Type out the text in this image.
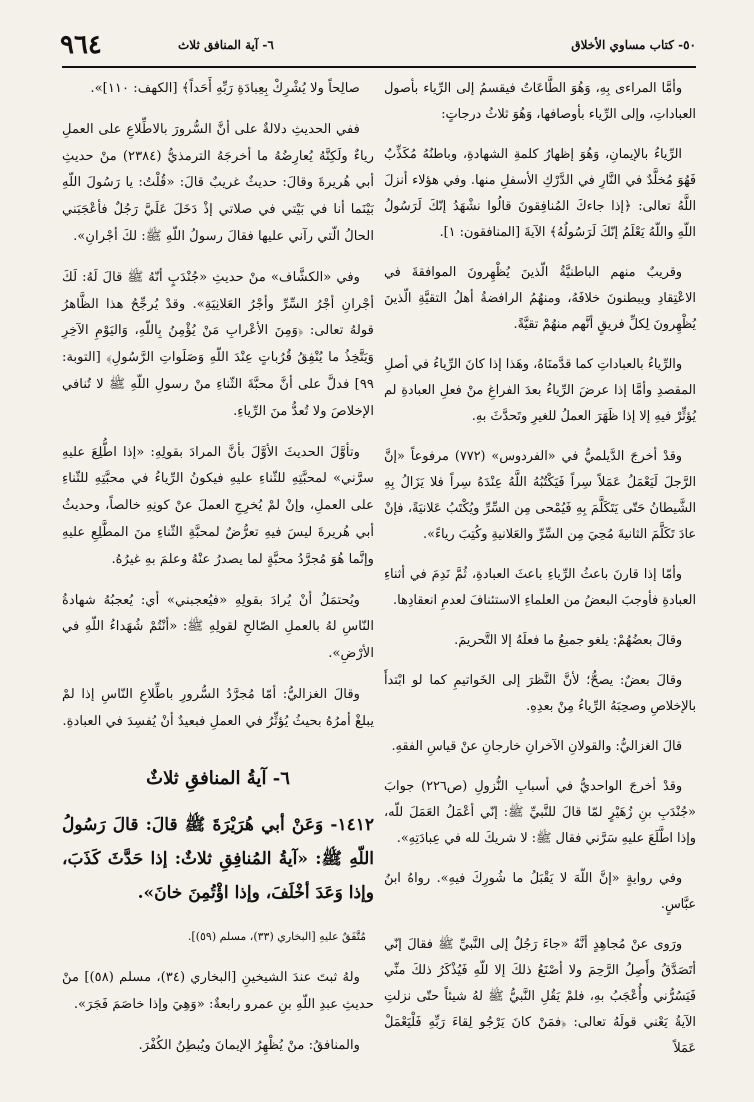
٥٠- كتاب مساوي الأخلاق
٦- آية المنافق ثلاث
٩٦٤

وأمَّا المراءى بِهِ، وَهُوَ الطَّاعَاتُ فيقسمُ إلى الرِّياء بأصول العباداتِ، وإلى الرِّياء بأوصافها، وَهُوَ ثلاثُ درجاتٍ:

الرِّياءُ بالإيمانِ، وَهُوَ إظهارُ كلمةِ الشهادةِ، وباطنُهُ مُكَذِّبٌ فَهُوَ مُخلَّدٌ في النَّارِ في الدَّرْكِ الأسفلِ منها. وفي هؤلاء أنزلَ اللَّهُ تعالى: ﴿إذا جاءكَ المُنافِقونَ قالُوا نشْهَدُ إنّكَ لَرَسُولُ اللّهِ واللّهُ يَعْلَمُ إنّكَ لَرَسُولُهُ﴾ الآيةَ [المنافقون: ١].

وقريبٌ منهم الباطنيَّةُ الّذينَ يُظْهِرونَ الموافقةَ في الاعْتِقادِ ويبطنونَ خلافَهُ، ومنهُمُ الرافضةُ أهلُ التقيَّةِ الّذينَ يُظْهِرونَ لِكلِّ فريقٍ أنَّهم منهُمْ تقيَّةً.

والرِّياءُ بالعباداتِ كما قدَّمنَاهُ، وهَذا إذا كانَ الرِّياءُ في أصلِ المقصدِ وأمَّا إذا عرضَ الرِّياءُ بعدَ الفراغِ منْ فعلِ العبادةِ لم يُؤثِّرْ فيهِ إلا إذا ظَهَرَ العملُ للغيرِ وتَحدَّثَ بهِ.

وقدْ أخرجَ الدَّيلميُّ في «الفردوس» (٧٧٢) مرفوعاً «إنَّ الرَّجلَ لَيَعْمَلُ عَمَلاً سِراً فَيَكْتُبُهُ اللَّهُ عِنْدَهُ سِراً فلا يَزَالُ بِهِ الشَّيطانُ حَتّى يَتَكَلَّمَ بِهِ فَيُمْحى مِن السِّرِّ ويُكْتَبُ عَلانيَةً، فإنْ عادَ تَكَلَّمَ الثانيةَ مُحِيَ مِن السِّرِّ والعَلانيةِ وكُتِبَ رياءً».

وأمّا إذا قارنَ باعثُ الرِّياءِ باعثَ العبادةِ، ثُمَّ نَدِمَ في أثناءِ العبادةِ فأوجبَ البعضُ من العلماءِ الاستئنافَ لعدمِ انعقادِها.

وقالَ بعضُهُمْ: يلغو جميعُ ما فعلَهُ إلا التَّحريمَ.

وقالَ بعضٌ: يصحُّ؛ لأنَّ النَّظرَ إلى الخَواتيمِ كما لو ابْتدأَ بالإخلاصِ وصحِبَهُ الرِّياءُ مِنْ بعدِهِ.

قالَ الغزاليُّ: والقولانِ الآخرانِ خارجانِ عنْ قياسِ الفقهِ.

وقدْ أخرجَ الواحديُّ في أسبابِ النُّزولِ (ص٢٢٦) جوابَ «جُنْدَبِ بنِ زُهَيْرٍ لمّا قالَ للنَّبيِّ ﷺ: إنّي أعْمَلُ العَمَلَ للّه، وإذا اطَّلَعَ عليهِ سَرَّني فقال ﷺ: لا شريكَ لله في عِبادَتِهِ».

وفي روايةٍ «إنَّ اللّهَ لا يَقْبَلُ ما شُورِكَ فيهِ». رواهُ ابنُ عبَّاسٍ.

ورَوى عنْ مُجاهِدٍ أنَّهُ «جاءَ رَجُلٌ إلى النَّبيِّ ﷺ فقالَ إنّي أتَصَدَّقُ وأَصِلُ الرَّحِمَ ولا أصْنَعُ ذلكَ إلا للّهِ فَيُذْكَرُ ذلكَ منِّي فَيَسُرُّني وأُعْجَبُ بهِ، فلمْ يَقُلِ النَّبيُّ ﷺ لهُ شيئاً حتّى نزلتِ الآيةُ يَعْني قولَهُ تعالى: ﴿فمَنْ كانَ يَرْجُو لِقاءَ رَبِّهِ فَلْيَعْمَلْ عَمَلاً

صالِحاً ولا يُشْرِكْ بِعِبادَةِ رَبِّهِ أَحَداً﴾ [الكهف: ١١٠]».

ففي الحديثِ دلالةٌ على أنَّ السُّرورَ بالاطِّلاعِ على العملِ رياءٌ ولَكِنَّهُ يُعارِضُهُ ما أخرجَهُ الترمذيُّ (٢٣٨٤) منْ حديثِ أبي هُريرةَ وقالَ: حديثٌ غريبٌ قالَ: «قُلْتُ: يا رَسُولَ اللّهِ بَيْنَما أنا في بَيْتي في صلاتي إذْ دَخَلَ عَلَيَّ رَجُلٌ فأعْجَبَني الحالُ الّتي رآني عليها فقالَ رسولُ اللّهِ ﷺ: لكَ أجْرانِ».

وفي «الكشَّاف» منْ حديثِ «جُنْدَبٍ أنّهُ ﷺ قالَ لَهُ: لَكَ أجْرانِ أجْرُ السِّرِّ وأجْرُ العَلانِيَةِ». وقدْ يُرجِّحُ هذا الظَّاهرُ قولهُ تعالى: ﴿وَمِنَ الأعْرابِ مَنْ يُؤْمِنُ بِاللّهِ، وَاليَوْمِ الآخِرِ وَيَتَّخِذُ ما يُنْفِقُ قُرُباتٍ عِنْدَ اللّهِ وَصَلَواتِ الرَّسُولِ﴾ [التوبة: ٩٩] فدلَّ على أنَّ محبَّةَ الثّناءِ منْ رسولِ اللّهِ ﷺ لا تُنافي الإخلاصَ ولا تُعدُّ منَ الرِّياءِ.

وتأوَّلَ الحديثَ الأوَّلَ بأنَّ المرادَ بقولِهِ: «إذا اطُّلِعَ عليهِ سرَّني» لمحبَّتِهِ للثّناءِ عليهِ فيكونُ الرِّياءُ في محبَّتِهِ للثّناءِ على العملِ، وإنْ لمْ يُخرِجِ العملَ عنْ كونِهِ خالصاً، وحديثُ أبي هُريرةَ ليسَ فيهِ تعرُّضٌ لمحبَّةِ الثّناءِ منَ المطَّلِعِ عليهِ وإنَّما هُوَ مُجرَّدُ محبَّةٍ لما يصدرُ عنْهُ وعلمَ بهِ غيرُهُ.

ويُحتمَلُ أنْ يُرادَ بقولِهِ «فيُعجبني» أي: يُعجبُهُ شهادةُ النّاسِ لهُ بالعملِ الصّالحِ لقولِهِ ﷺ: «أنْتُمْ شُهَداءُ اللّهِ في الأرْضِ».

وقالَ الغزاليُّ: أمّا مُجرَّدُ السُّرورِ باطِّلاعِ النّاسِ إذا لمْ يبلغْ أمرُهُ بحيثُ يُؤثِّرُ في العملِ فبعيدٌ أنْ يُفسِدَ في العبادةِ.

٦- آيةُ المنافقِ ثلاثٌ

١٤١٢- وَعَنْ أبي هُرَيْرَةَ ﷺ قالَ: قالَ رَسُولُ اللّهِ ﷺ: «آيةُ المُنافِقِ ثلاثٌ: إذا حَدَّثَ كَذَبَ، وإذا وَعَدَ أخْلَفَ، وإذا اؤْتُمِنَ خانَ».

مُتَّفَقٌ عليهِ [البخاري (٣٣)، مسلم (٥٩)].

ولهُ ثبتَ عندَ الشيخينِ [البخاري (٣٤)، مسلم (٥٨)] منْ حديثِ عبدِ اللّهِ بنِ عمرو رابعةٌ: «وَهِيَ وإذا خاصَمَ فَجَرَ».

والمنافقُ: منْ يُظْهِرُ الإيمانَ ويُبطِنُ الكُفْرَ.
